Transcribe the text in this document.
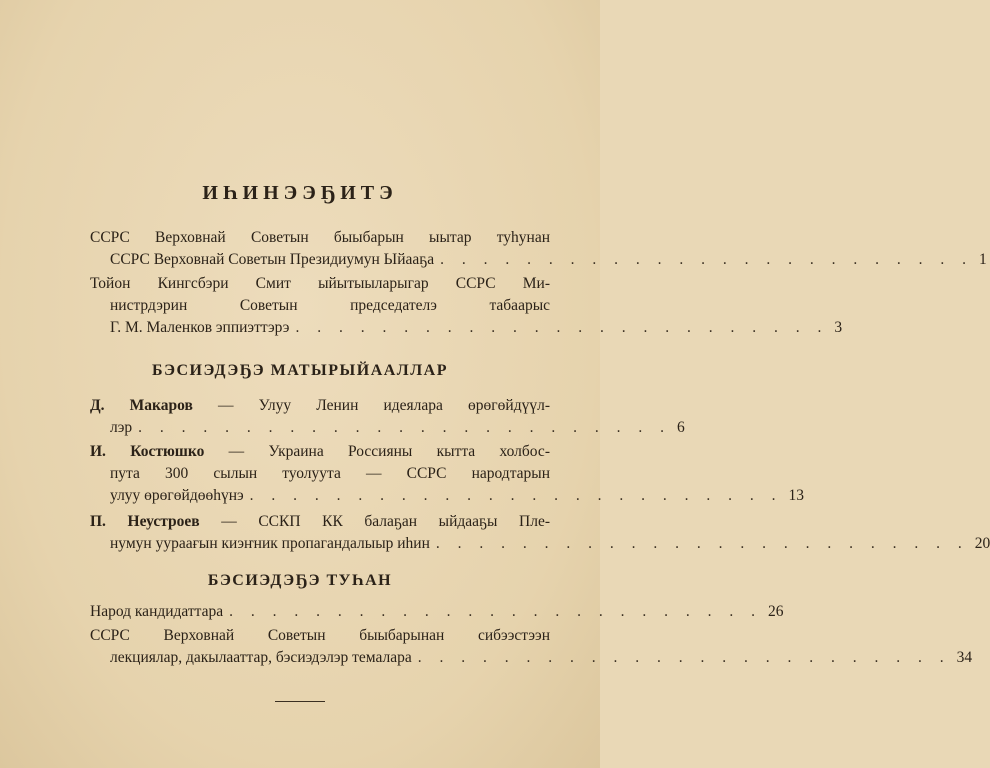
ИҺИНЭЭҔИТЭ
ССРС Верховнай Советын быыбарын ыытар туһунан
ССРС Верховнай Советын Президиумун Ыйааҕа . . . . . . . . . . . . . . . . . . . . . . . . . 1
Тойон Кингсбэри Смит ыйытыыларыгар ССРС Ми-
нистрдэрин Советын председателэ табаарыс
Г. М. Маленков эппиэттэрэ . . . . . . . . . . . . . . . . . . . . . . . . . 3
БЭСИЭДЭҔЭ МАТЫРЫЙААЛЛАР
Д. Макаров — Улуу Ленин идеялара өрөгөйдүүл-
лэр . . . . . . . . . . . . . . . . . . . . . . . . . 6
И. Костюшко — Украина Россияны кытта холбос-
пута 300 сылын туолуута — ССРС народтарын
улуу өрөгөйдөөһүнэ . . . . . . . . . . . . . . . . . . . . . . . . . 13
П. Неустроев — ССКП КК балаҕан ыйдааҕы Пле-
нумун уураағын киэҥник пропагандалыыр иһин . . . . . . . . . . . . . . . . . . . . . . . . . 20
БЭСИЭДЭҔЭ ТУҺАН
Народ кандидаттара . . . . . . . . . . . . . . . . . . . . . . . . . 26
ССРС Верховнай Советын быыбарынан сибээстээн
лекциялар, дакылааттар, бэсиэдэлэр темалара . . . . . . . . . . . . . . . . . . . . . . . . . 34
